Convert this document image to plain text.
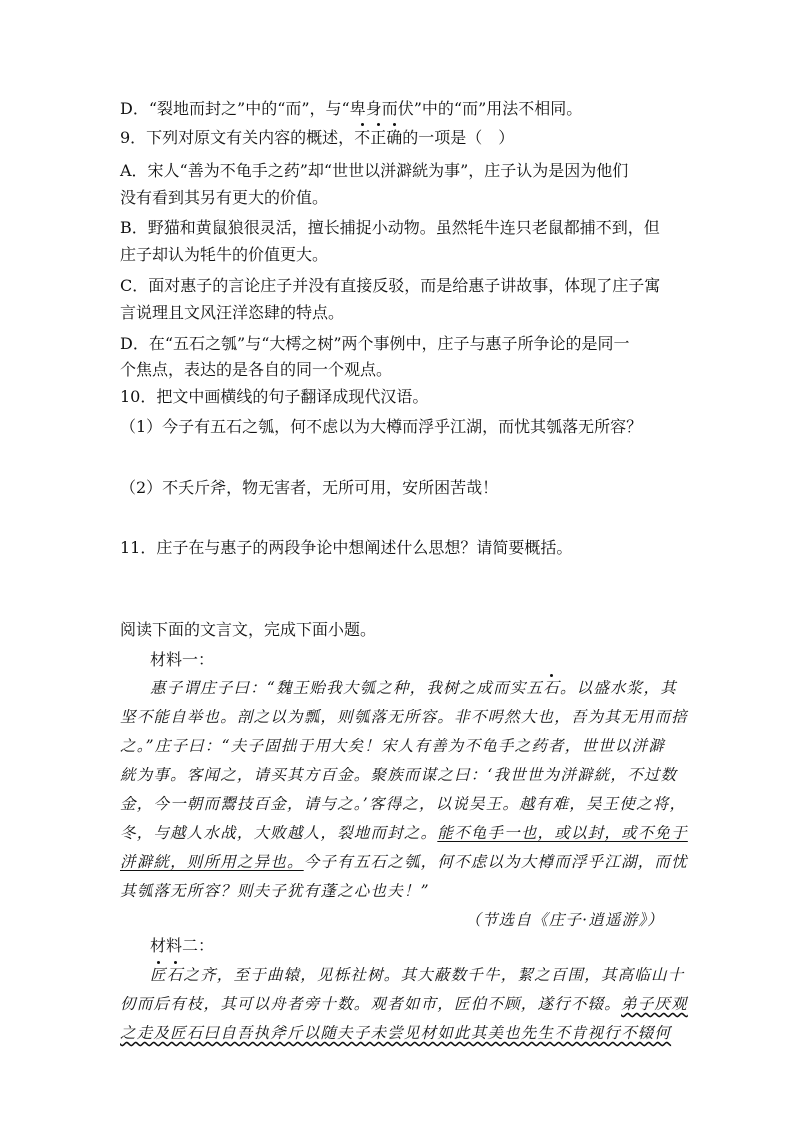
D．“裂地而封之”中的“而”，与“卑身而伏”中的“而”用法不相同。
9．下列对原文有关内容的概述，不正确的一项是（　）
A．宋人“善为不龟手之药”却“世世以洴澼絖为事”，庄子认为是因为他们
没有看到其另有更大的价值。
B．野猫和黄鼠狼很灵活，擅长捕捉小动物。虽然牦牛连只老鼠都捕不到，但
庄子却认为牦牛的价值更大。
C．面对惠子的言论庄子并没有直接反驳，而是给惠子讲故事，体现了庄子寓
言说理且文风汪洋恣肆的特点。
D．在“五石之瓠”与“大樗之树”两个事例中，庄子与惠子所争论的是同一
个焦点，表达的是各自的同一个观点。
10．把文中画横线的句子翻译成现代汉语。
（1）今子有五石之瓠，何不虑以为大樽而浮乎江湖，而忧其瓠落无所容？
（2）不夭斤斧，物无害者，无所可用，安所困苦哉！
11．庄子在与惠子的两段争论中想阐述什么思想？请简要概括。
阅读下面的文言文，完成下面小题。
材料一：
惠子谓庄子曰：“魏王贻我大瓠之种，我树之成而实五石。以盛水浆，其
坚不能自举也。剖之以为瓢，则瓠落无所容。非不呺然大也，吾为其无用而掊
之。”庄子曰：“夫子固拙于用大矣！宋人有善为不龟手之药者，世世以洴澼
絖为事。客闻之，请买其方百金。聚族而谋之曰：‘我世世为洴澼絖，不过数
金，今一朝而鬻技百金，请与之。’客得之，以说吴王。越有难，吴王使之将，
冬，与越人水战，大败越人，裂地而封之。能不龟手一也，或以封，或不免于
洴澼絖，则所用之异也。今子有五石之瓠，何不虑以为大樽而浮乎江湖，而忧
其瓠落无所容？则夫子犹有蓬之心也夫！”
（节选自《庄子·逍遥游》）
材料二：
匠石之齐，至于曲辕，见栎社树。其大蔽数千牛，絜之百围，其高临山十
仞而后有枝，其可以舟者旁十数。观者如市，匠伯不顾，遂行不辍。弟子厌观
之走及匠石曰自吾执斧斤以随夫子未尝见材如此其美也先生不肯视行不辍何
